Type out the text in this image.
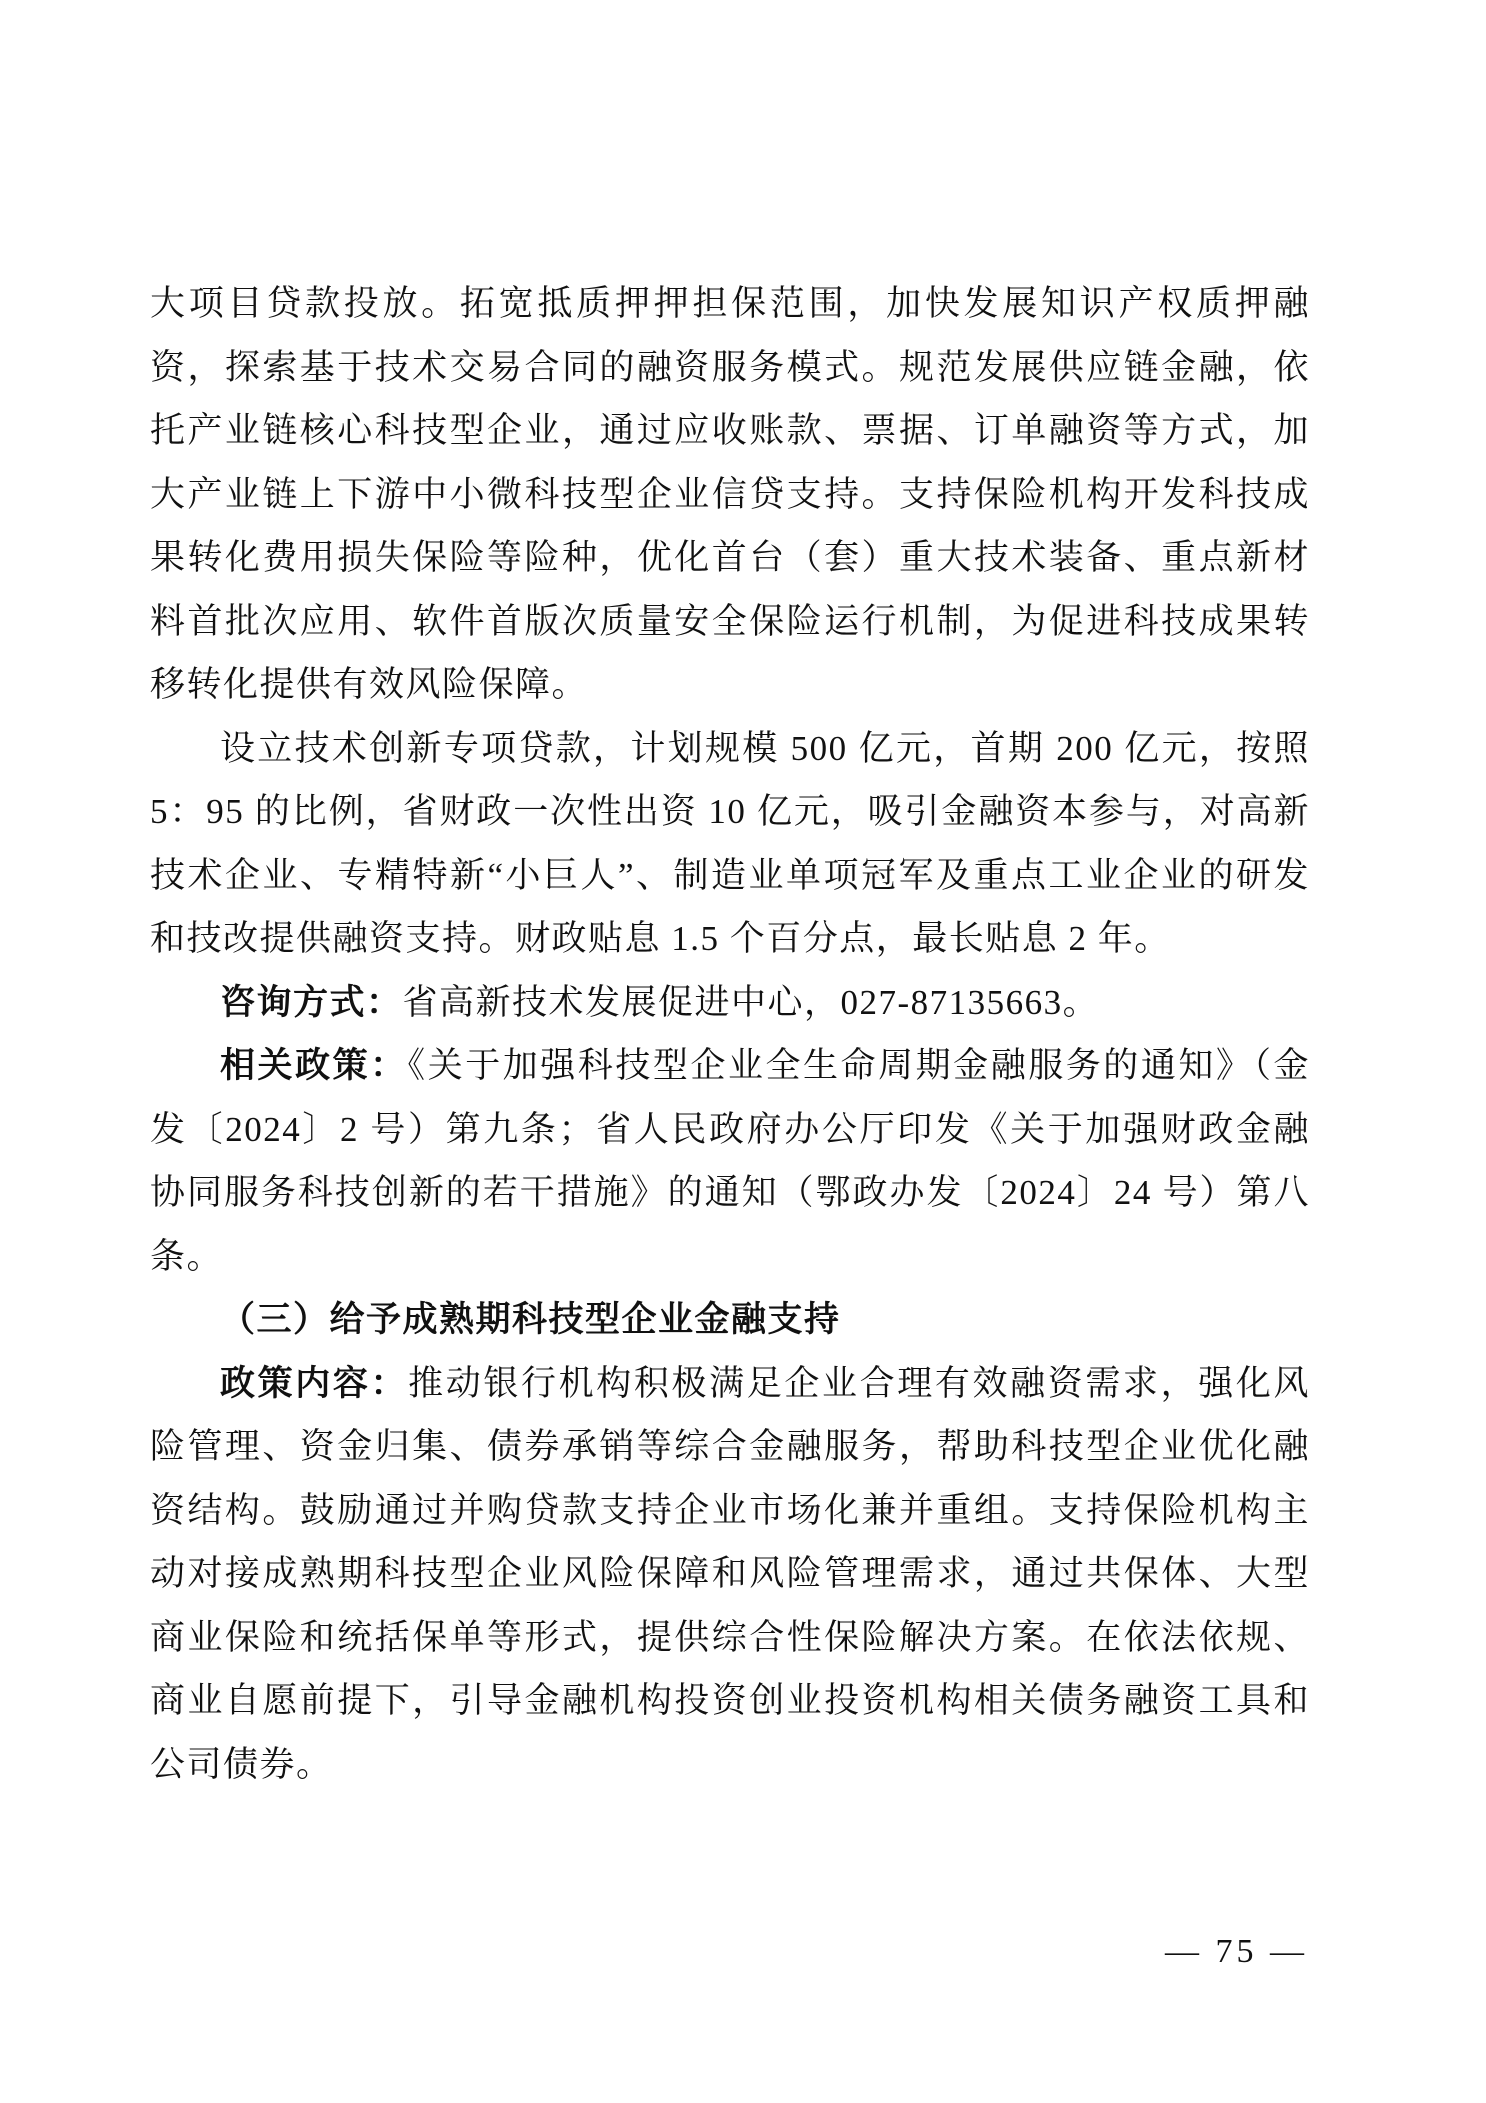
大项目贷款投放。拓宽抵质押押担保范围，加快发展知识产权质押融资，探索基于技术交易合同的融资服务模式。规范发展供应链金融，依托产业链核心科技型企业，通过应收账款、票据、订单融资等方式，加大产业链上下游中小微科技型企业信贷支持。支持保险机构开发科技成果转化费用损失保险等险种，优化首台（套）重大技术装备、重点新材料首批次应用、软件首版次质量安全保险运行机制，为促进科技成果转移转化提供有效风险保障。

设立技术创新专项贷款，计划规模 500 亿元，首期 200 亿元，按照 5：95 的比例，省财政一次性出资 10 亿元，吸引金融资本参与，对高新技术企业、专精特新“小巨人”、制造业单项冠军及重点工业企业的研发和技改提供融资支持。财政贴息 1.5 个百分点，最长贴息 2 年。

咨询方式：省高新技术发展促进中心，027-87135663。

相关政策：《关于加强科技型企业全生命周期金融服务的通知》（金发〔2024〕2 号）第九条；省人民政府办公厅印发《关于加强财政金融协同服务科技创新的若干措施》的通知（鄂政办发〔2024〕24 号）第八条。

（三）给予成熟期科技型企业金融支持

政策内容：推动银行机构积极满足企业合理有效融资需求，强化风险管理、资金归集、债券承销等综合金融服务，帮助科技型企业优化融资结构。鼓励通过并购贷款支持企业市场化兼并重组。支持保险机构主动对接成熟期科技型企业风险保障和风险管理需求，通过共保体、大型商业保险和统括保单等形式，提供综合性保险解决方案。在依法依规、商业自愿前提下，引导金融机构投资创业投资机构相关债务融资工具和公司债券。

— 75 —
